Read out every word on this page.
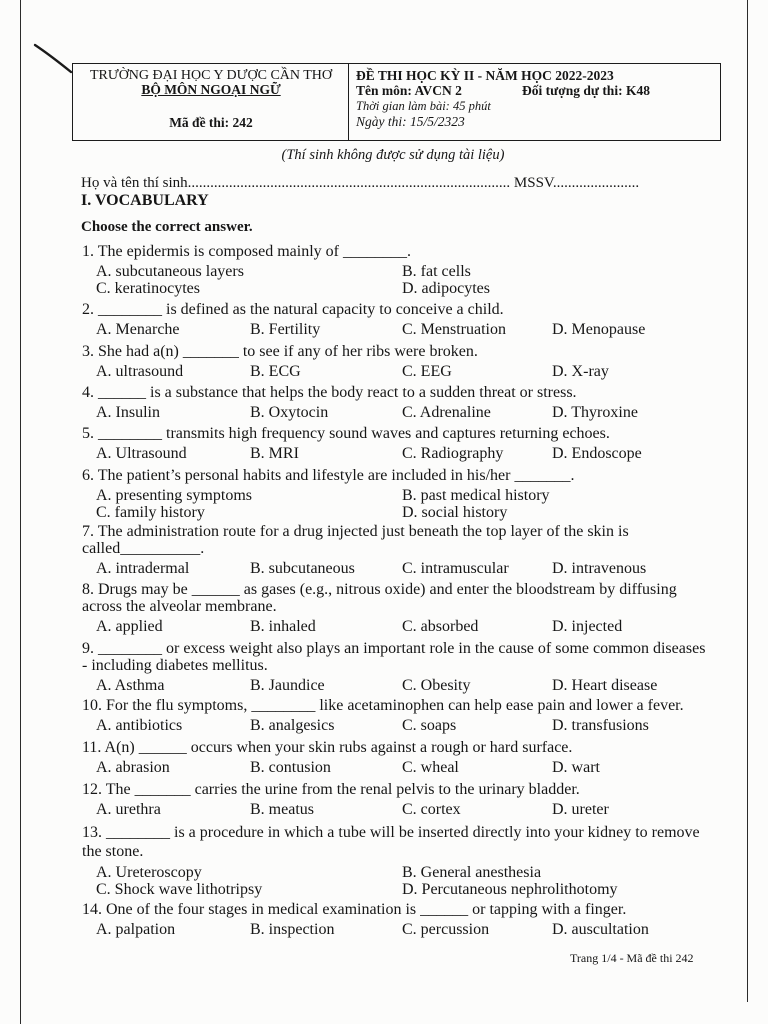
TRƯỜNG ĐẠI HỌC Y DƯỢC CẦN THƠ
BỘ MÔN NGOẠI NGỮ
Mã đề thi: 242
ĐỀ THI HỌC KỲ II - NĂM HỌC 2022-2023
Tên môn: AVCN 2	Đối tượng dự thi: K48
Thời gian làm bài: 45 phút
Ngày thi: 15/5/2323
(Thí sinh không được sử dụng tài liệu)
Họ và tên thí sinh...................................................................................... MSSV.......................
I. VOCABULARY
Choose the correct answer.
1. The epidermis is composed mainly of ________.
A. subcutaneous layers	B. fat cells
C. keratinocytes	D. adipocytes
2. ________ is defined as the natural capacity to conceive a child.
A. Menarche	B. Fertility	C. Menstruation	D. Menopause
3. She had a(n) _______ to see if any of her ribs were broken.
A. ultrasound	B. ECG	C. EEG	D. X-ray
4. ______ is a substance that helps the body react to a sudden threat or stress.
A. Insulin	B. Oxytocin	C. Adrenaline	D. Thyroxine
5. ________ transmits high frequency sound waves and captures returning echoes.
A. Ultrasound	B. MRI	C. Radiography	D. Endoscope
6. The patient’s personal habits and lifestyle are included in his/her _______.
A. presenting symptoms	B. past medical history
C. family history	D. social history
7. The administration route for a drug injected just beneath the top layer of the skin is
called__________.
A. intradermal	B. subcutaneous	C. intramuscular	D. intravenous
8. Drugs may be ______ as gases (e.g., nitrous oxide) and enter the bloodstream by diffusing
across the alveolar membrane.
A. applied	B. inhaled	C. absorbed	D. injected
9. ________ or excess weight also plays an important role in the cause of some common diseases
- including diabetes mellitus.
A. Asthma	B. Jaundice	C. Obesity	D. Heart disease
10. For the flu symptoms, ________ like acetaminophen can help ease pain and lower a fever.
A. antibiotics	B. analgesics	C. soaps	D. transfusions
11. A(n) ______ occurs when your skin rubs against a rough or hard surface.
A. abrasion	B. contusion	C. wheal	D. wart
12. The _______ carries the urine from the renal pelvis to the urinary bladder.
A. urethra	B. meatus	C. cortex	D. ureter
13. ________ is a procedure in which a tube will be inserted directly into your kidney to remove
the stone.
A. Ureteroscopy	B. General anesthesia
C. Shock wave lithotripsy	D. Percutaneous nephrolithotomy
14. One of the four stages in medical examination is ______ or tapping with a finger.
A. palpation	B. inspection	C. percussion	D. auscultation
Trang 1/4 - Mã đề thi 242
